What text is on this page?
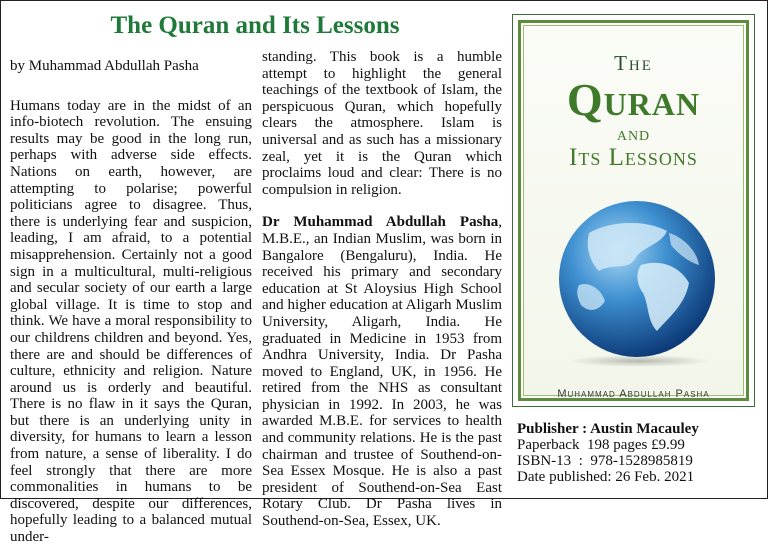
The Quran and Its Lessons

by Muhammad Abdullah Pasha

Humans today are in the midst of an info-biotech revolution. The ensuing results may be good in the long run, perhaps with adverse side effects. Nations on earth, however, are attempting to polarise; powerful politicians agree to disagree. Thus, there is underlying fear and suspicion, leading, I am afraid, to a potential misapprehension. Certainly not a good sign in a multicultural, multi-religious and secular society of our earth a large global village. It is time to stop and think. We have a moral responsibility to our childrens children and beyond. Yes, there are and should be differences of culture, ethnicity and religion. Nature around us is orderly and beautiful. There is no flaw in it says the Quran, but there is an underlying unity in diversity, for humans to learn a lesson from nature, a sense of liberality. I do feel strongly that there are more commonalities in humans to be discovered, despite our differences, hopefully leading to a balanced mutual under-

standing. This book is a humble attempt to highlight the general teachings of the textbook of Islam, the perspicuous Quran, which hopefully clears the atmosphere. Islam is universal and as such has a missionary zeal, yet it is the Quran which proclaims loud and clear: There is no compulsion in religion.

Dr Muhammad Abdullah Pasha, M.B.E., an Indian Muslim, was born in Bangalore (Bengaluru), India. He received his primary and secondary education at St Aloysius High School and higher education at Aligarh Muslim University, Aligarh, India. He graduated in Medicine in 1953 from Andhra University, India. Dr Pasha moved to England, UK, in 1956. He retired from the NHS as consultant physician in 1992. In 2003, he was awarded M.B.E. for services to health and community relations. He is the past chairman and trustee of Southend-on-Sea Essex Mosque. He is also a past president of Southend-on-Sea East Rotary Club. Dr Pasha lives in Southend-on-Sea, Essex, UK.

The
Quran
and
Its Lessons
Muhammad Abdullah Pasha
Publisher : Austin Macauley
Paperback  198 pages £9.99
ISBN-13  :  978-1528985819
Date published: 26 Feb. 2021
